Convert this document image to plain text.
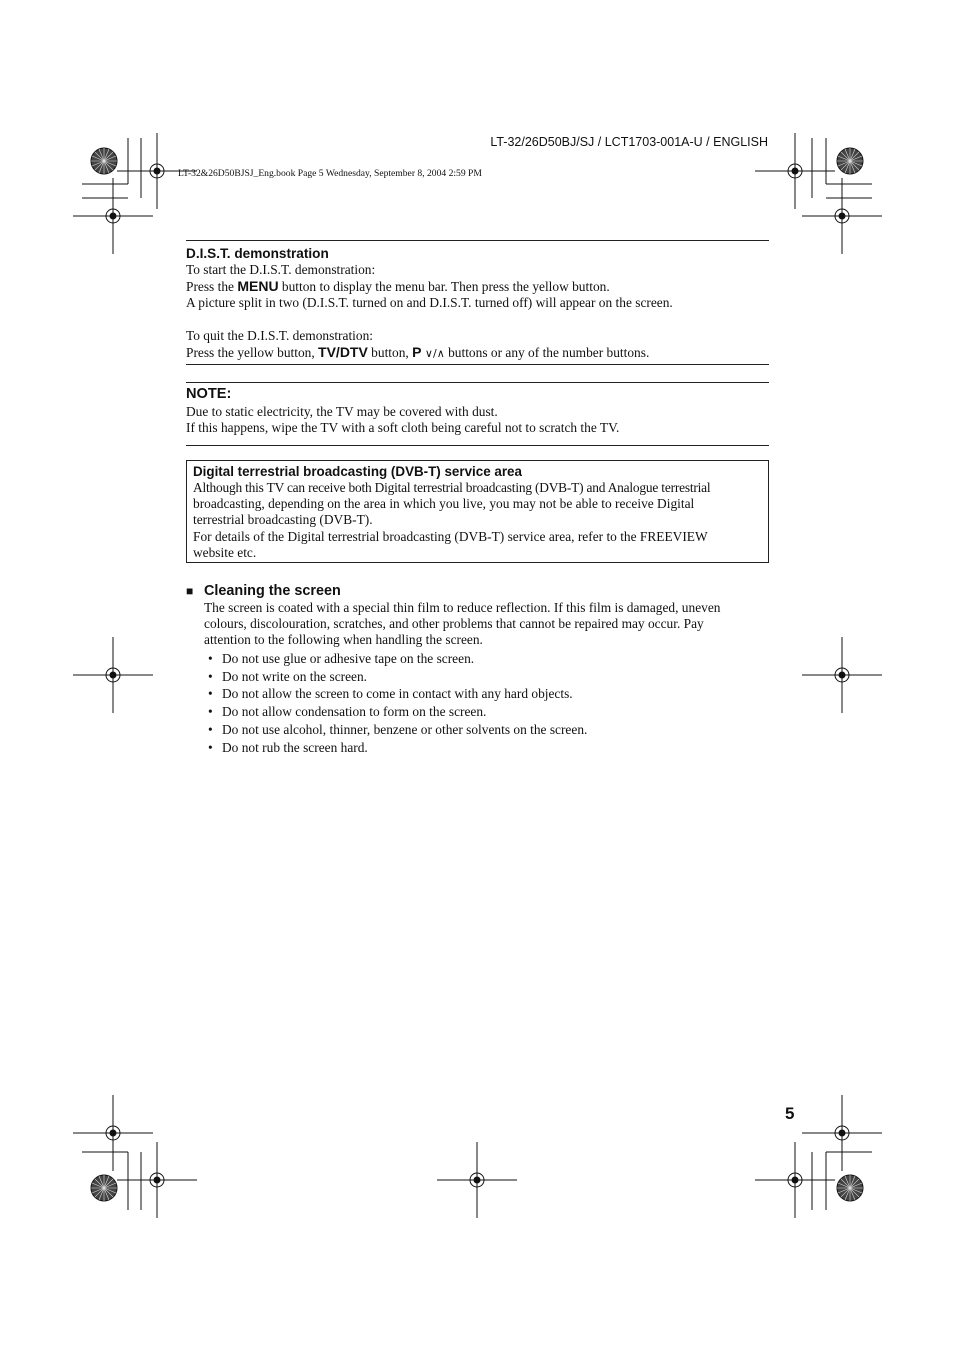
LT-32/26D50BJ/SJ / LCT1703-001A-U / ENGLISH
LT-32&26D50BJSJ_Eng.book Page 5 Wednesday, September 8, 2004 2:59 PM
D.I.S.T. demonstration
To start the D.I.S.T. demonstration:
Press the MENU button to display the menu bar. Then press the yellow button.
A picture split in two (D.I.S.T. turned on and D.I.S.T. turned off) will appear on the screen.
To quit the D.I.S.T. demonstration:
Press the yellow button, TV/DTV button, P ∨/∧ buttons or any of the number buttons.
NOTE:
Due to static electricity, the TV may be covered with dust.
If this happens, wipe the TV with a soft cloth being careful not to scratch the TV.
Digital terrestrial broadcasting (DVB-T) service area
Although this TV can receive both Digital terrestrial broadcasting (DVB-T) and Analogue terrestrial
broadcasting, depending on the area in which you live, you may not be able to receive Digital
terrestrial broadcasting (DVB-T).
For details of the Digital terrestrial broadcasting (DVB-T) service area, refer to the FREEVIEW
website etc.
■ Cleaning the screen
The screen is coated with a special thin film to reduce reflection. If this film is damaged, uneven
colours, discolouration, scratches, and other problems that cannot be repaired may occur. Pay
attention to the following when handling the screen.
• Do not use glue or adhesive tape on the screen.
• Do not write on the screen.
• Do not allow the screen to come in contact with any hard objects.
• Do not allow condensation to form on the screen.
• Do not use alcohol, thinner, benzene or other solvents on the screen.
• Do not rub the screen hard.
5
